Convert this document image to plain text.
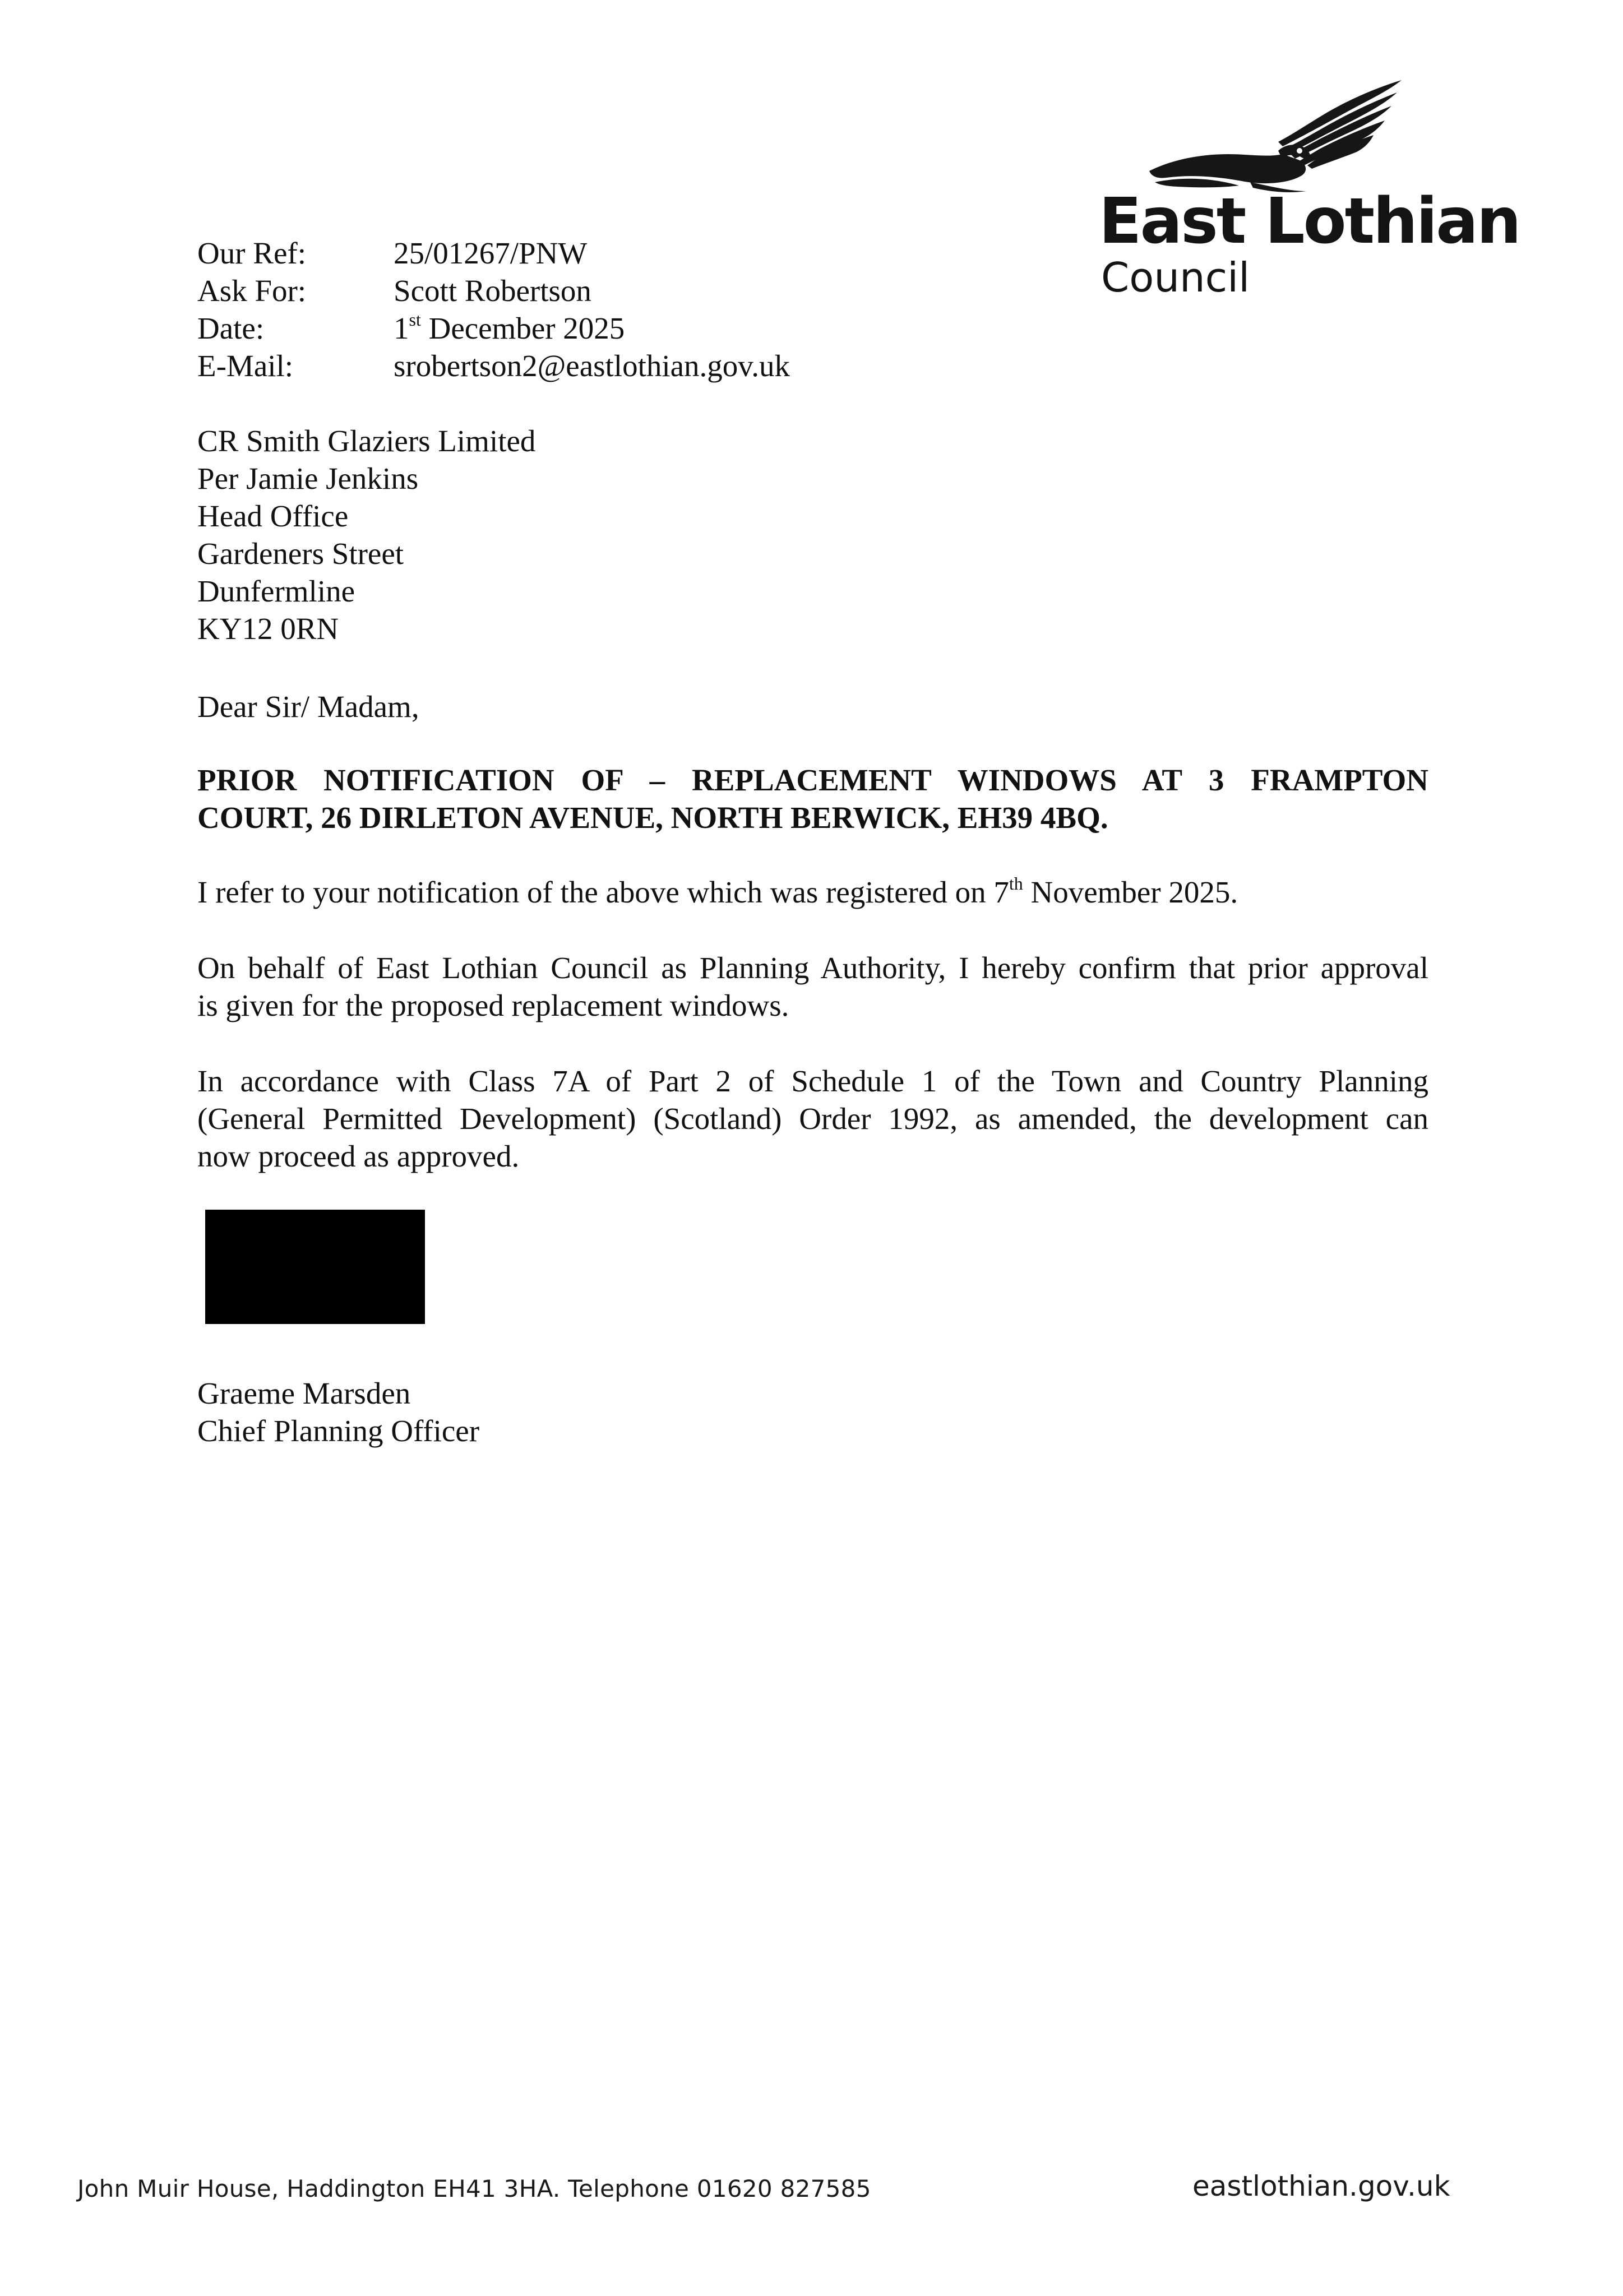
East Lothian
Council
Our Ref:	25/01267/PNW
Ask For:	Scott Robertson
Date:	1st December 2025
E-Mail:	srobertson2@eastlothian.gov.uk
CR Smith Glaziers Limited
Per Jamie Jenkins
Head Office
Gardeners Street
Dunfermline
KY12 0RN
Dear Sir/ Madam,
PRIOR NOTIFICATION OF – REPLACEMENT WINDOWS AT 3 FRAMPTON
COURT, 26 DIRLETON AVENUE, NORTH BERWICK, EH39 4BQ.
I refer to your notification of the above which was registered on 7th November 2025.
On behalf of East Lothian Council as Planning Authority, I hereby confirm that prior approval
is given for the proposed replacement windows.
In accordance with Class 7A of Part 2 of Schedule 1 of the Town and Country Planning
(General Permitted Development) (Scotland) Order 1992, as amended, the development can
now proceed as approved.
Graeme Marsden
Chief Planning Officer
John Muir House, Haddington EH41 3HA. Telephone 01620 827585	eastlothian.gov.uk
